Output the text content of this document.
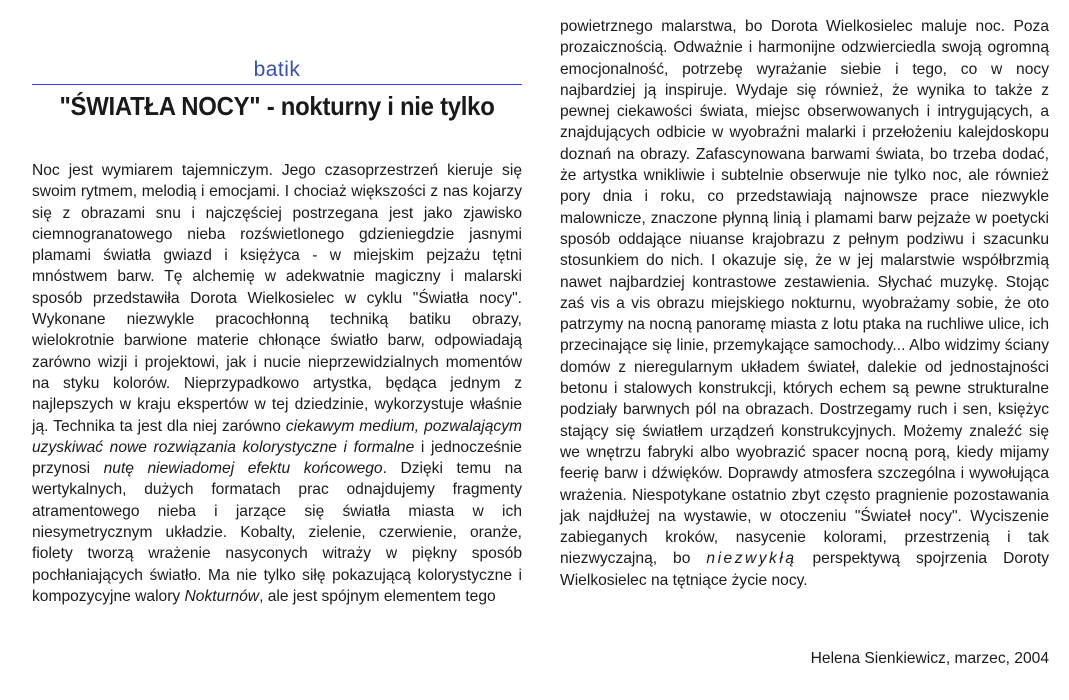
batik
"ŚWIATŁA NOCY" - nokturny i nie tylko

Noc jest wymiarem tajemniczym. Jego czasoprzestrzeń kieruje się swoim rytmem, melodią i emocjami. I chociaż większości z nas kojarzy się z obrazami snu i najczęściej postrzegana jest jako zjawisko ciemnogranatowego nieba rozświetlonego gdzieniegdzie jasnymi plamami światła gwiazd i księżyca - w miejskim pejzażu tętni mnóstwem barw. Tę alchemię w adekwatnie magiczny i malarski sposób przedstawiła Dorota Wielkosielec w cyklu "Światła nocy". Wykonane niezwykle pracochłonną techniką batiku obrazy, wielokrotnie barwione materie chłonące światło barw, odpowiadają zarówno wizji i projektowi, jak i nucie nieprzewidzialnych momentów na styku kolorów. Nieprzypadkowo artystka, będąca jednym z najlepszych w kraju ekspertów w tej dziedzinie, wykorzystuje właśnie ją. Technika ta jest dla niej zarówno ciekawym medium, pozwalającym uzyskiwać nowe rozwiązania kolorystyczne i formalne i jednocześnie przynosi nutę niewiadomej efektu końcowego. Dzięki temu na wertykalnych, dużych formatach prac odnajdujemy fragmenty atramentowego nieba i jarzące się światła miasta w ich niesymetrycznym układzie. Kobalty, zielenie, czerwienie, oranże, fiolety tworzą wrażenie nasyconych witraży w piękny sposób pochłaniających światło. Ma nie tylko siłę pokazującą kolorystyczne i kompozycyjne walory Nokturnów, ale jest spójnym elementem tego

powietrznego malarstwa, bo Dorota Wielkosielec maluje noc. Poza prozaicznością. Odważnie i harmonijne odzwierciedla swoją ogromną emocjonalność, potrzebę wyrażanie siebie i tego, co w nocy najbardziej ją inspiruje. Wydaje się również, że wynika to także z pewnej ciekawości świata, miejsc obserwowanych i intrygujących, a znajdujących odbicie w wyobraźni malarki i przełożeniu kalejdoskopu doznań na obrazy. Zafascynowana barwami świata, bo trzeba dodać, że artystka wnikliwie i subtelnie obserwuje nie tylko noc, ale również pory dnia i roku, co przedstawiają najnowsze prace niezwykle malownicze, znaczone płynną linią i plamami barw pejzaże w poetycki sposób oddające niuanse krajobrazu z pełnym podziwu i szacunku stosunkiem do nich. I okazuje się, że w jej malarstwie współbrzmią nawet najbardziej kontrastowe zestawienia. Słychać muzykę. Stojąc zaś vis a vis obrazu miejskiego nokturnu, wyobrażamy sobie, że oto patrzymy na nocną panoramę miasta z lotu ptaka na ruchliwe ulice, ich przecinające się linie, przemykające samochody... Albo widzimy ściany domów z nieregularnym układem świateł, dalekie od jednostajności betonu i stalowych konstrukcji, których echem są pewne strukturalne podziały barwnych pól na obrazach. Dostrzegamy ruch i sen, księżyc stający się światłem urządzeń konstrukcyjnych. Możemy znaleźć się we wnętrzu fabryki albo wyobrazić spacer nocną porą, kiedy mijamy feerię barw i dźwięków. Doprawdy atmosfera szczególna i wywołująca wrażenia. Niespotykane ostatnio zbyt często pragnienie pozostawania jak najdłużej na wystawie, w otoczeniu "Świateł nocy". Wyciszenie zabieganych kroków, nasycenie kolorami, przestrzenią i tak niezwyczajną, bo niezwykłą perspektywą spojrzenia Doroty Wielkosielec na tętniące życie nocy.

Helena Sienkiewicz, marzec, 2004
